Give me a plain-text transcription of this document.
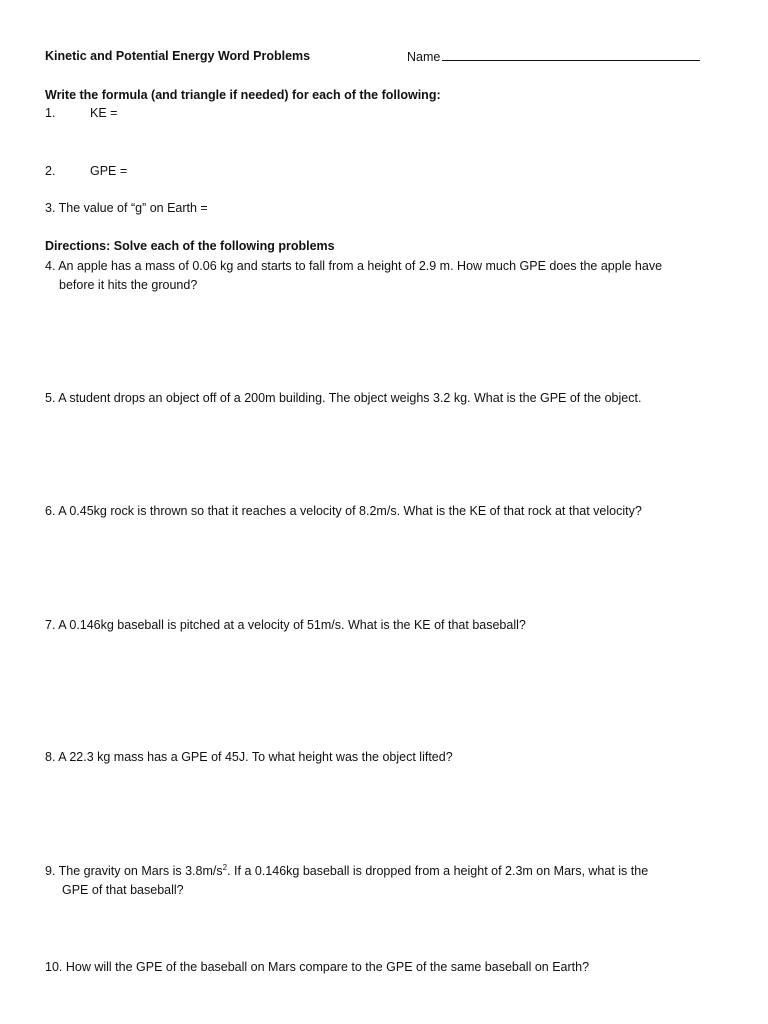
Kinetic and Potential Energy Word Problems	Name
Write the formula (and triangle if needed) for each of the following:
1.	KE =
2.	GPE =
3. The value of “g” on Earth =
Directions: Solve each of the following problems
4. An apple has a mass of 0.06 kg and starts to fall from a height of 2.9 m. How much GPE does the apple have
before it hits the ground?
5. A student drops an object off of a 200m building. The object weighs 3.2 kg. What is the GPE of the object.
6. A 0.45kg rock is thrown so that it reaches a velocity of 8.2m/s. What is the KE of that rock at that velocity?
7. A 0.146kg baseball is pitched at a velocity of 51m/s. What is the KE of that baseball?
8. A 22.3 kg mass has a GPE of 45J. To what height was the object lifted?
9. The gravity on Mars is $3.8m/s^2$. If a 0.146kg baseball is dropped from a height of 2.3m on Mars, what is the
GPE of that baseball?
10. How will the GPE of the baseball on Mars compare to the GPE of the same baseball on Earth?
